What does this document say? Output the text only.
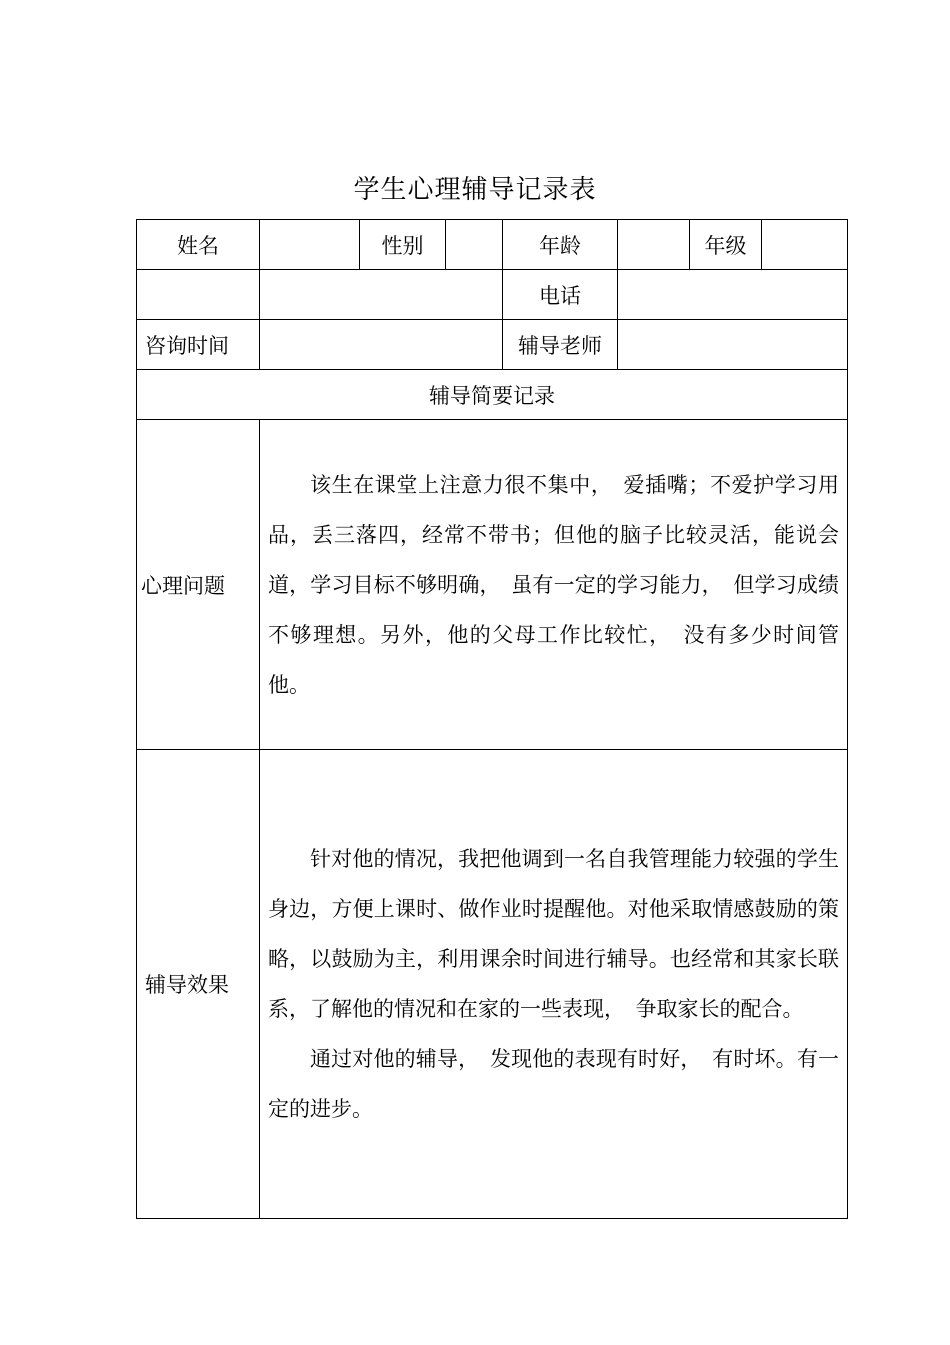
学生心理辅导记录表
姓名		性别		年龄		年级	
				电话			
咨询时间				辅导老师			
辅导简要记录							
心理问题	该生在课堂上注意力很不集中，　爱插嘴；不爱护学习用品，丢三落四，经常不带书；但他的脑子比较灵活，能说会道，学习目标不够明确，　虽有一定的学习能力，　但学习成绩不够理想。另外，他的父母工作比较忙，　没有多少时间管他。						

辅导效果	针对他的情况，我把他调到一名自我管理能力较强的学生身边，方便上课时、做作业时提醒他。对他采取情感鼓励的策略，以鼓励为主，利用课余时间进行辅导。也经常和其家长联系，了解他的情况和在家的一些表现，　争取家长的配合。

通过对他的辅导，　发现他的表现有时好，　有时坏。有一定的进步。						
